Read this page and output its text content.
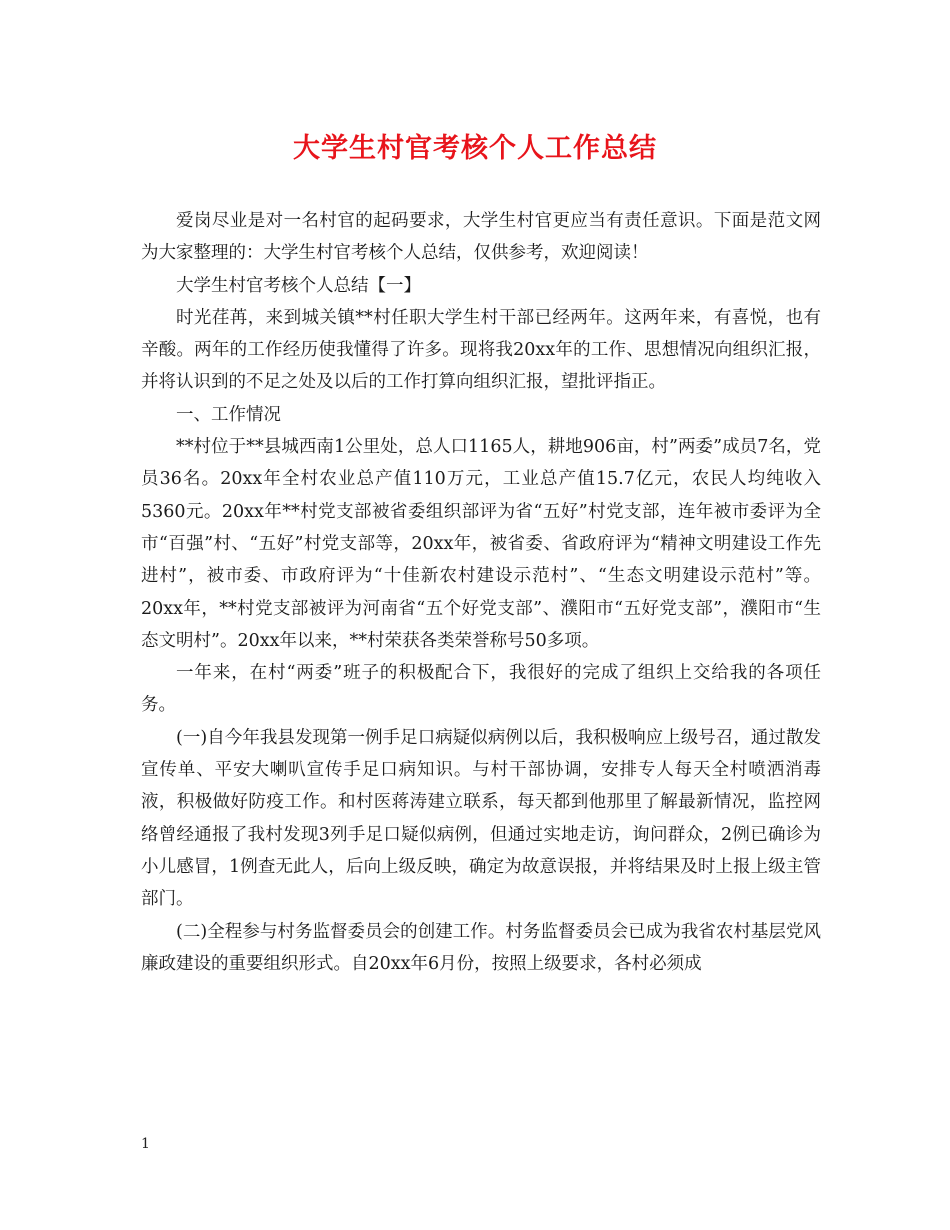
大学生村官考核个人工作总结

爱岗尽业是对一名村官的起码要求，大学生村官更应当有责任意识。下面是范文网为大家整理的：大学生村官考核个人总结，仅供参考，欢迎阅读！

大学生村官考核个人总结【一】

时光荏苒，来到城关镇**村任职大学生村干部已经两年。这两年来，有喜悦，也有辛酸。两年的工作经历使我懂得了许多。现将我20xx年的工作、思想情况向组织汇报，并将认识到的不足之处及以后的工作打算向组织汇报，望批评指正。

一、工作情况

**村位于**县城西南1公里处，总人口1165人，耕地906亩，村”两委”成员7名，党员36名。20xx年全村农业总产值110万元，工业总产值15.7亿元，农民人均纯收入5360元。20xx年**村党支部被省委组织部评为省“五好”村党支部，连年被市委评为全市“百强”村、“五好”村党支部等，20xx年，被省委、省政府评为“精神文明建设工作先进村”，被市委、市政府评为“十佳新农村建设示范村”、“生态文明建设示范村”等。20xx年，**村党支部被评为河南省“五个好党支部”、濮阳市“五好党支部”，濮阳市“生态文明村”。20xx年以来，**村荣获各类荣誉称号50多项。

一年来，在村“两委”班子的积极配合下，我很好的完成了组织上交给我的各项任务。

(一)自今年我县发现第一例手足口病疑似病例以后，我积极响应上级号召，通过散发宣传单、平安大喇叭宣传手足口病知识。与村干部协调，安排专人每天全村喷洒消毒液，积极做好防疫工作。和村医蒋涛建立联系，每天都到他那里了解最新情况，监控网络曾经通报了我村发现3列手足口疑似病例，但通过实地走访，询问群众，2例已确诊为小儿感冒，1例查无此人，后向上级反映，确定为故意误报，并将结果及时上报上级主管部门。

(二)全程参与村务监督委员会的创建工作。村务监督委员会已成为我省农村基层党风廉政建设的重要组织形式。自20xx年6月份，按照上级要求，各村必须成

1
